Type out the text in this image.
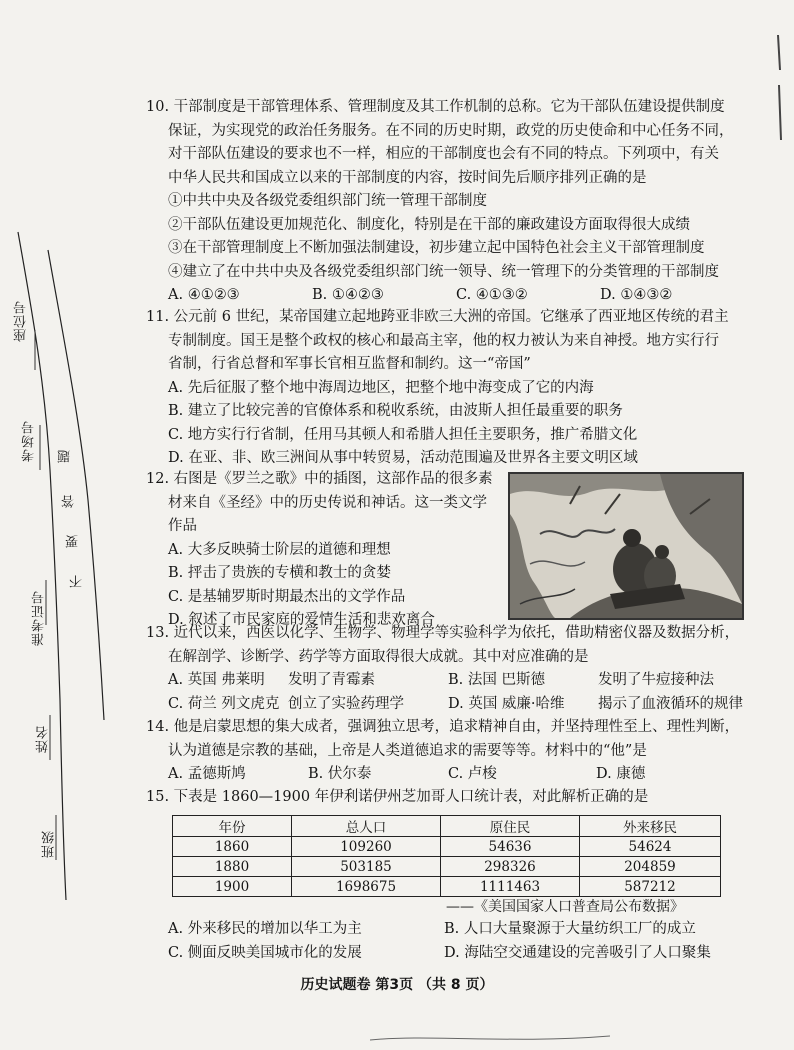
座位号
考场号
准考证号
姓名
班级
题
答
要
不
10. 干部制度是干部管理体系、管理制度及其工作机制的总称。它为干部队伍建设提供制度
保证，为实现党的政治任务服务。在不同的历史时期，政党的历史使命和中心任务不同，
对干部队伍建设的要求也不一样，相应的干部制度也会有不同的特点。下列项中，有关
中华人民共和国成立以来的干部制度的内容，按时间先后顺序排列正确的是
①中共中央及各级党委组织部门统一管理干部制度
②干部队伍建设更加规范化、制度化，特别是在干部的廉政建设方面取得很大成绩
③在干部管理制度上不断加强法制建设，初步建立起中国特色社会主义干部管理制度
④建立了在中共中央及各级党委组织部门统一领导、统一管理下的分类管理的干部制度
A. ④①②③	B. ①④②③	C. ④①③②	D. ①④③②
11. 公元前 6 世纪，某帝国建立起地跨亚非欧三大洲的帝国。它继承了西亚地区传统的君主
专制制度。国王是整个政权的核心和最高主宰，他的权力被认为来自神授。地方实行行
省制，行省总督和军事长官相互监督和制约。这一“帝国”
A. 先后征服了整个地中海周边地区，把整个地中海变成了它的内海
B. 建立了比较完善的官僚体系和税收系统，由波斯人担任最重要的职务
C. 地方实行行省制，任用马其顿人和希腊人担任主要职务，推广希腊文化
D. 在亚、非、欧三洲间从事中转贸易，活动范围遍及世界各主要文明区域
12. 右图是《罗兰之歌》中的插图，这部作品的很多素
材来自《圣经》中的历史传说和神话。这一类文学
作品
A. 大多反映骑士阶层的道德和理想
B. 抨击了贵族的专横和教士的贪婪
C. 是基辅罗斯时期最杰出的文学作品
D. 叙述了市民家庭的爱情生活和悲欢离合
13. 近代以来，西医以化学、生物学、物理学等实验科学为依托，借助精密仪器及数据分析，
在解剖学、诊断学、药学等方面取得很大成就。其中对应准确的是
A. 英国 弗莱明	发明了青霉素	B. 法国 巴斯德	发明了牛痘接种法
C. 荷兰 列文虎克 创立了实验药理学	D. 英国 威廉·哈维	揭示了血液循环的规律
14. 他是启蒙思想的集大成者，强调独立思考，追求精神自由，并坚持理性至上、理性判断，
认为道德是宗教的基础，上帝是人类道德追求的需要等等。材料中的“他”是
A. 孟德斯鸠	B. 伏尔泰	C. 卢梭	D. 康德
15. 下表是 1860—1900 年伊利诺伊州芝加哥人口统计表，对此解析正确的是
年份	总人口	原住民	外来移民
1860	109260	54636	54624
1880	503185	298326	204859
1900	1698675	1111463	587212
——《美国国家人口普查局公布数据》
A. 外来移民的增加以华工为主	B. 人口大量聚源于大量纺织工厂的成立
C. 侧面反映美国城市化的发展	D. 海陆空交通建设的完善吸引了人口聚集
历史试题卷 第3页 （共 8 页）
